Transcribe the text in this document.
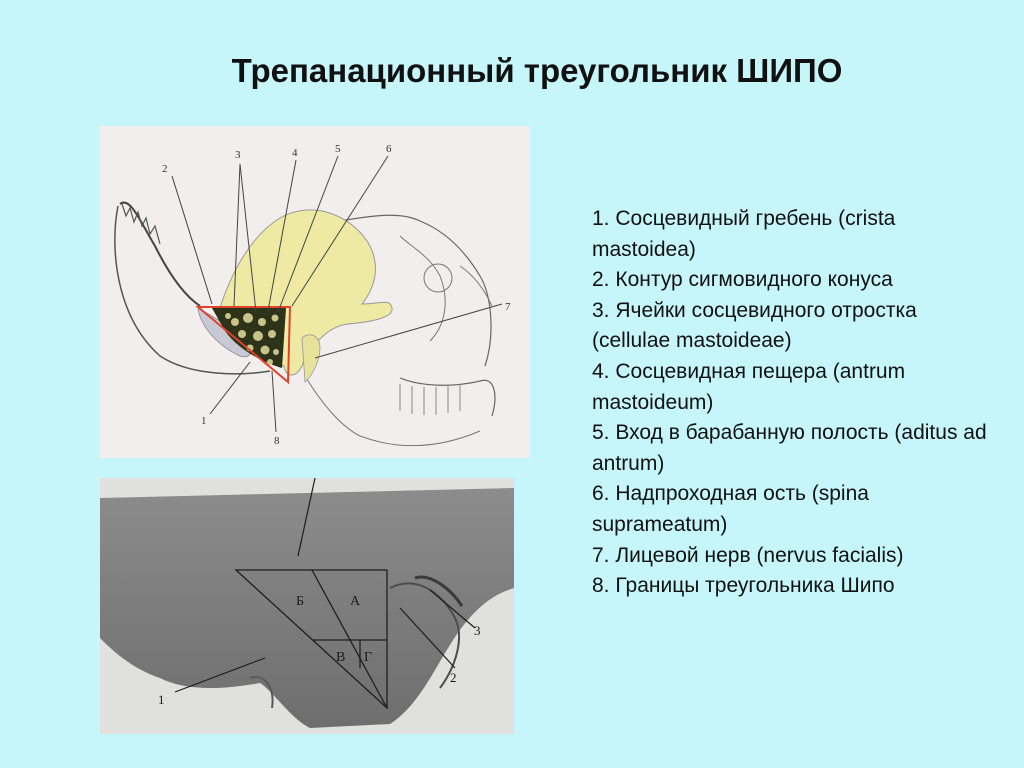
Трепанационный треугольник ШИПО
2
3	4	5	6
7
1
8
А
Б
В Г
1
2
3
1. Сосцевидный гребень (crista mastoidea)
2. Контур сигмовидного конуса
3. Ячейки сосцевидного отростка (cellulae mastoideae)
4. Сосцевидная пещера (antrum mastoideum)
5. Вход в барабанную полость (aditus ad antrum)
6. Надпроходная ость (spina suprameatum)
7. Лицевой нерв (nervus facialis)
8. Границы треугольника Шипо
